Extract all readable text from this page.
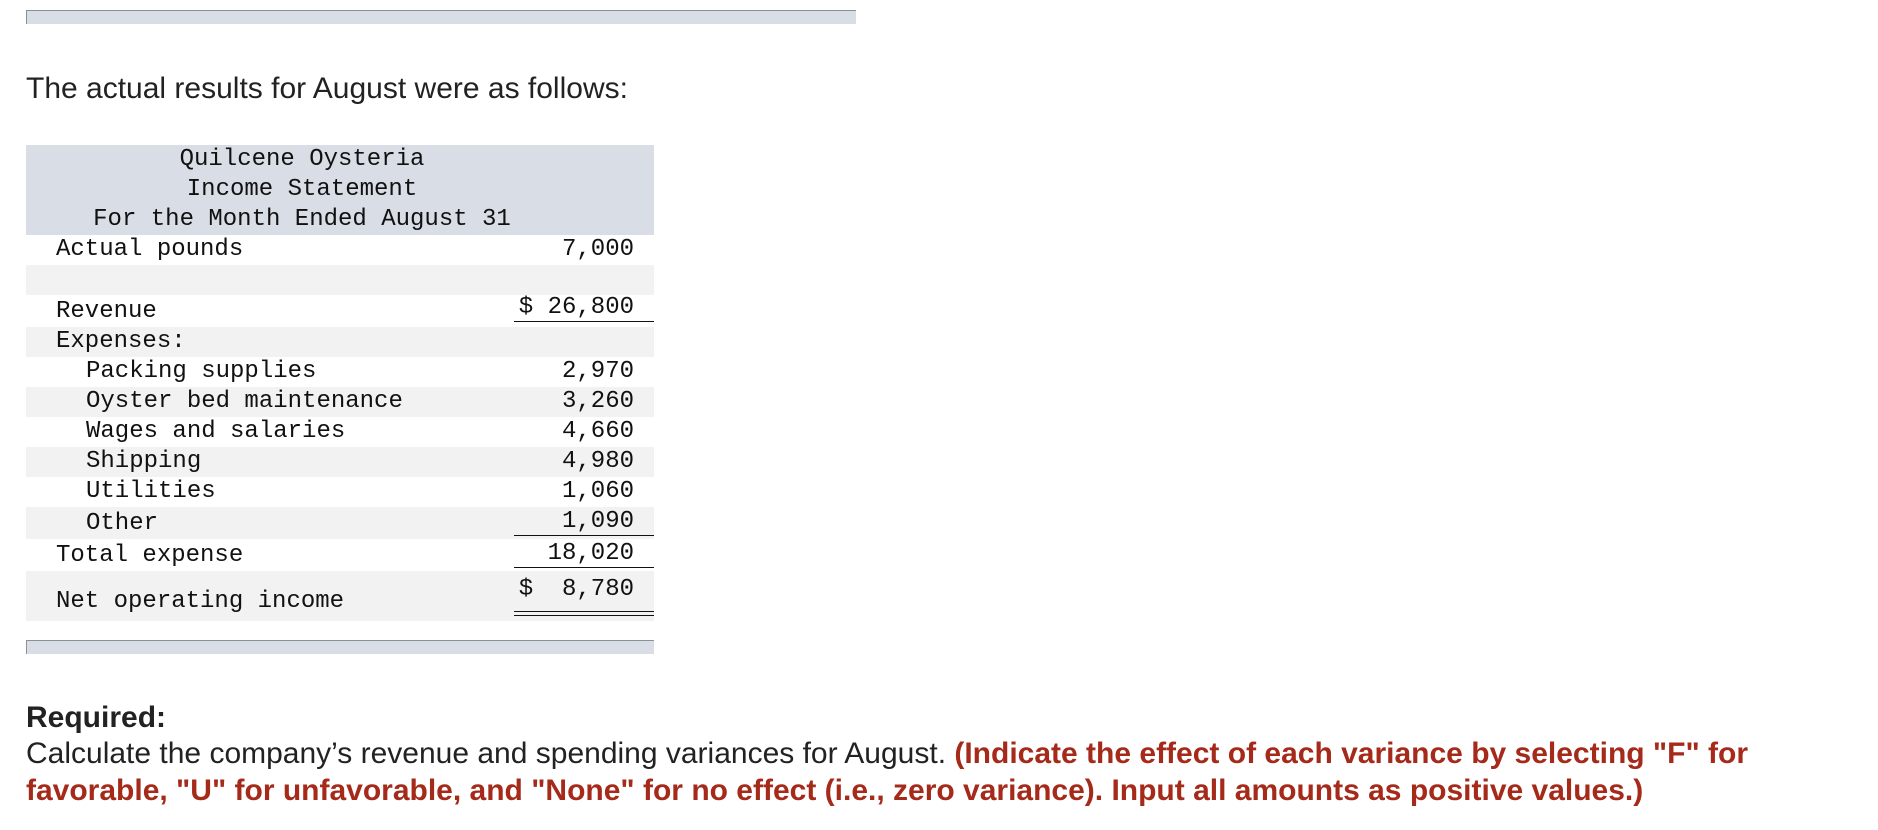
The actual results for August were as follows:
Quilcene Oysteria
Income Statement
For the Month Ended August 31
Actual pounds	7,000
Revenue	$ 26,800
Expenses:
Packing supplies	2,970
Oyster bed maintenance	3,260
Wages and salaries	4,660
Shipping	4,980
Utilities	1,060
Other	1,090
Total expense	18,020
Net operating income	$  8,780
Required:
Calculate the company’s revenue and spending variances for August. (Indicate the effect of each variance by selecting "F" for favorable, "U" for unfavorable, and "None" for no effect (i.e., zero variance). Input all amounts as positive values.)
